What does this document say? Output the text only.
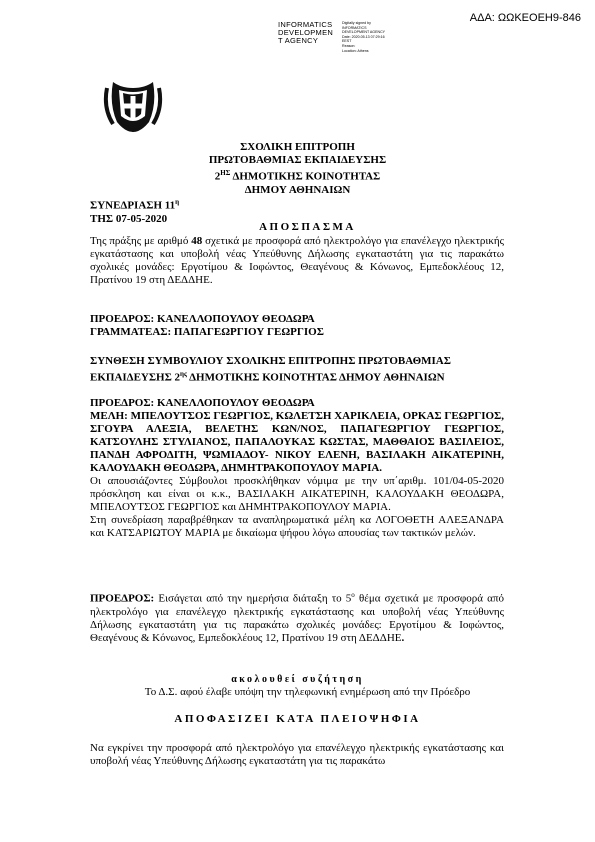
ΑΔΑ: ΩΩΚΕΟΕΗ9-846
INFORMATICS
DEVELOPMEN
T AGENCY
Digitally signed by
INFORMATICS
DEVELOPMENT AGENCY
Date: 2020.05.13 07:29:16
EEST
Reason:
Location: Athens
ΣΧΟΛΙΚΗ ΕΠΙΤΡΟΠΗ
ΠΡΩΤΟΒΑΘΜΙΑΣ ΕΚΠΑΙΔΕΥΣΗΣ
$2^{H\Sigma}$ ΔΗΜΟΤΙΚΗΣ ΚΟΙΝΟΤΗΤΑΣ
ΔΗΜΟΥ ΑΘΗΝΑΙΩΝ
ΣΥΝΕΔΡΙΑΣΗ $11^\eta$
ΤΗΣ 07-05-2020
ΑΠΟΣΠΑΣΜΑ
Της πράξης με αριθμό 48 σχετικά με προσφορά από ηλεκτρολόγο για επανέλεγχο ηλεκτρικής εγκατάστασης και υποβολή νέας Υπεύθυνης Δήλωσης εγκαταστάτη για τις παρακάτω σχολικές μονάδες: Εργοτίμου & Ιοφώντος, Θεαγένους & Κόνωνος, Εμπεδοκλέους 12, Πρατίνου 19 στη ΔΕΔΔΗΕ.
ΠΡΟΕΔΡΟΣ: ΚΑΝΕΛΛΟΠΟΥΛΟΥ ΘΕΟΔΩΡΑ
ΓΡΑΜΜΑΤΕΑΣ: ΠΑΠΑΓΕΩΡΓΙΟΥ ΓΕΩΡΓΙΟΣ
ΣΥΝΘΕΣΗ ΣΥΜΒΟΥΛΙΟΥ ΣΧΟΛΙΚΗΣ ΕΠΙΤΡΟΠΗΣ ΠΡΩΤΟΒΑΘΜΙΑΣ
ΕΚΠΑΙΔΕΥΣΗΣ $2^{\eta\varsigma}$ ΔΗΜΟΤΙΚΗΣ ΚΟΙΝΟΤΗΤΑΣ ΔΗΜΟΥ ΑΘΗΝΑΙΩΝ
ΠΡΟΕΔΡΟΣ: ΚΑΝΕΛΛΟΠΟΥΛΟΥ ΘΕΟΔΩΡΑ
ΜΕΛΗ: ΜΠΕΛΟΥΤΣΟΣ ΓΕΩΡΓΙΟΣ, ΚΩΛΕΤΣΗ ΧΑΡΙΚΛΕΙΑ, ΟΡΚΑΣ ΓΕΩΡΓΙΟΣ, ΣΓΟΥΡΑ ΑΛΕΞΙΑ, ΒΕΛΕΤΗΣ ΚΩΝ/ΝΟΣ, ΠΑΠΑΓΕΩΡΓΙΟΥ ΓΕΩΡΓΙΟΣ, ΚΑΤΣΟΥΛΗΣ ΣΤΥΛΙΑΝΟΣ, ΠΑΠΑΛΟΥΚΑΣ ΚΩΣΤΑΣ, ΜΑΘΘΑΙΟΣ ΒΑΣΙΛΕΙΟΣ, ΠΑΝΔΗ ΑΦΡΟΔΙΤΗ, ΨΩΜΙΑΔΟΥ- ΝΙΚΟΥ ΕΛΕΝΗ, ΒΑΣΙΛΑΚΗ ΑΙΚΑΤΕΡΙΝΗ, ΚΑΛΟΥΔΑΚΗ ΘΕΟΔΩΡΑ, ΔΗΜΗΤΡΑΚΟΠΟΥΛΟΥ ΜΑΡΙΑ.
Οι απουσιάζοντες Σύμβουλοι προσκλήθηκαν νόμιμα με την υπ΄αριθμ. 101/04-05-2020 πρόσκληση και είναι οι κ.κ., ΒΑΣΙΛΑΚΗ ΑΙΚΑΤΕΡΙΝΗ, ΚΑΛΟΥΔΑΚΗ ΘΕΟΔΩΡΑ, ΜΠΕΛΟΥΤΣΟΣ ΓΕΩΡΓΙΟΣ και ΔΗΜΗΤΡΑΚΟΠΟΥΛΟΥ ΜΑΡΙΑ.
Στη συνεδρίαση παραβρέθηκαν τα αναπληρωματικά μέλη κα ΛΟΓΟΘΕΤΗ ΑΛΕΞΑΝΔΡΑ και ΚΑΤΣΑΡΙΩΤΟΥ ΜΑΡΙΑ με δικαίωμα ψήφου λόγω απουσίας των τακτικών μελών.
ΠΡΟΕΔΡΟΣ: Εισάγεται από την ημερήσια διάταξη το $5^o$ θέμα σχετικά με προσφορά από ηλεκτρολόγο για επανέλεγχο ηλεκτρικής εγκατάστασης και υποβολή νέας Υπεύθυνης Δήλωσης εγκαταστάτη για τις παρακάτω σχολικές μονάδες: Εργοτίμου & Ιοφώντος, Θεαγένους & Κόνωνος, Εμπεδοκλέους 12, Πρατίνου 19 στη ΔΕΔΔΗΕ.
ακολουθεί συζήτηση
Το Δ.Σ. αφού έλαβε υπόψη την τηλεφωνική ενημέρωση από την Πρόεδρο
ΑΠΟΦΑΣΙΖΕΙ ΚΑΤΑ ΠΛΕΙΟΨΗΦΙΑ
Να εγκρίνει την προσφορά από ηλεκτρολόγο για επανέλεγχο ηλεκτρικής εγκατάστασης και υποβολή νέας Υπεύθυνης Δήλωσης εγκαταστάτη για τις παρακάτω
